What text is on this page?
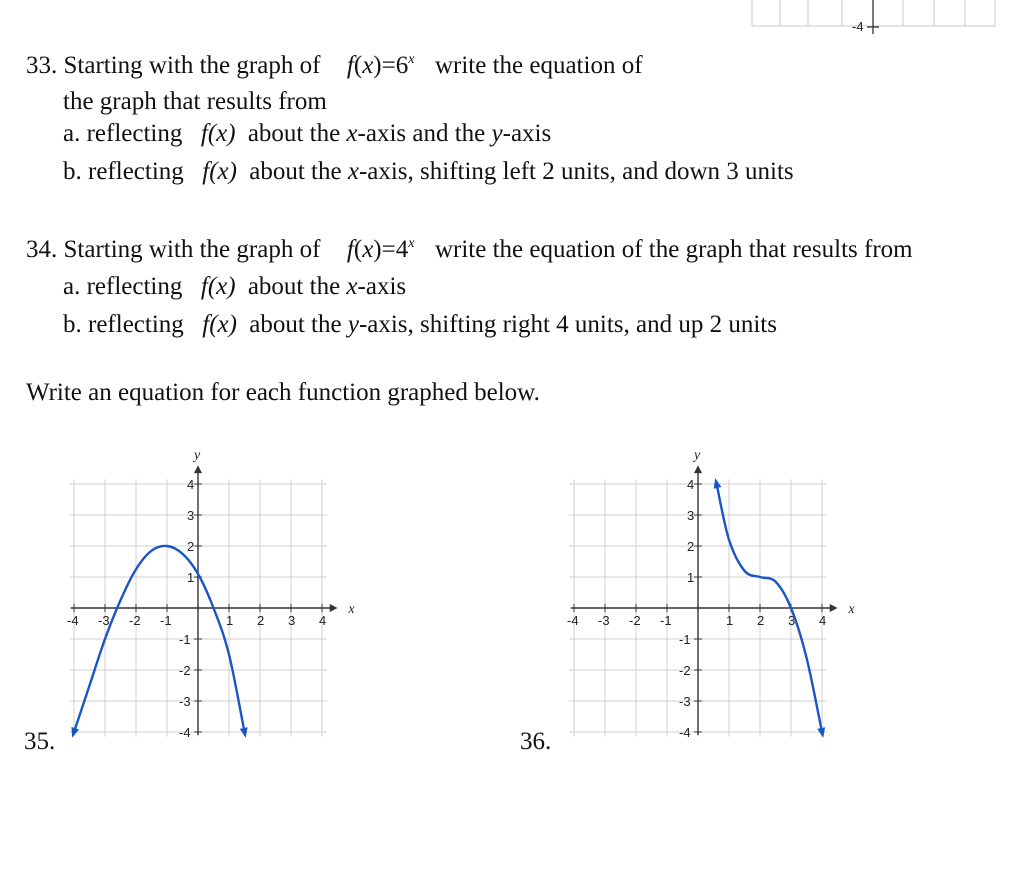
-4
33. Starting with the graph of $f(x)=6^x$ write the equation of
the graph that results from
a. reflecting f(x) about the x-axis and the y-axis
b. reflecting f(x) about the x-axis, shifting left 2 units, and down 3 units
34. Starting with the graph of $f(x)=4^x$ write the equation of the graph that results from
a. reflecting f(x) about the x-axis
b. reflecting f(x) about the y-axis, shifting right 4 units, and up 2 units
Write an equation for each function graphed below.
x
y
-4 -3 -2 -1	1 2 3 4
4
3
2
1
-1
-2
-3
-4
x
y
-4 -3 -2 -1	1 2 3 4
4
3
2
1
-1
-2
-3
-4
35.	36.
